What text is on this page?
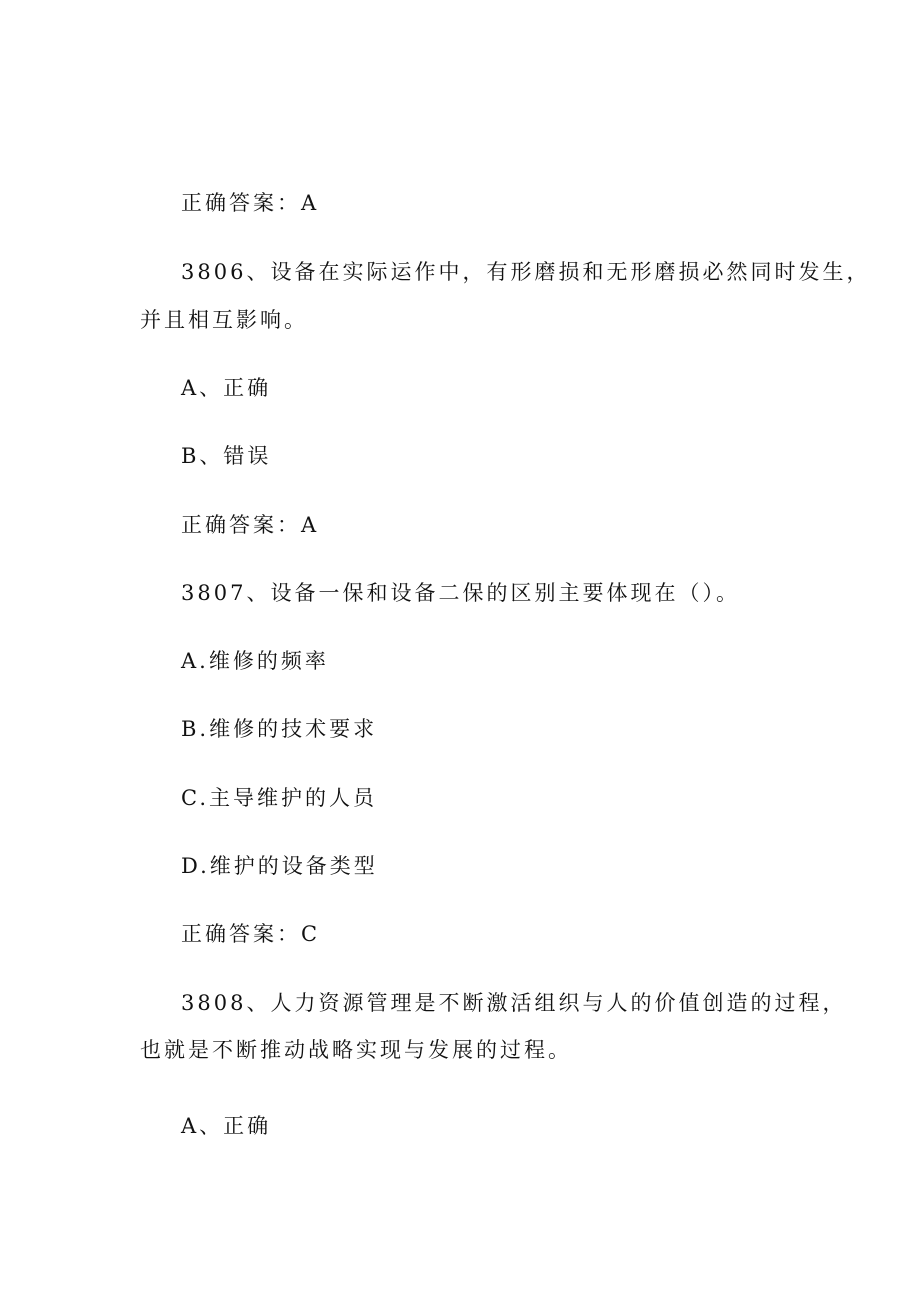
正确答案：A
3806、设备在实际运作中，有形磨损和无形磨损必然同时发生，
并且相互影响。
A、正确
B、错误
正确答案：A
3807、设备一保和设备二保的区别主要体现在（）。
A.维修的频率
B.维修的技术要求
C.主导维护的人员
D.维护的设备类型
正确答案：C
3808、人力资源管理是不断激活组织与人的价值创造的过程，
也就是不断推动战略实现与发展的过程。
A、正确
